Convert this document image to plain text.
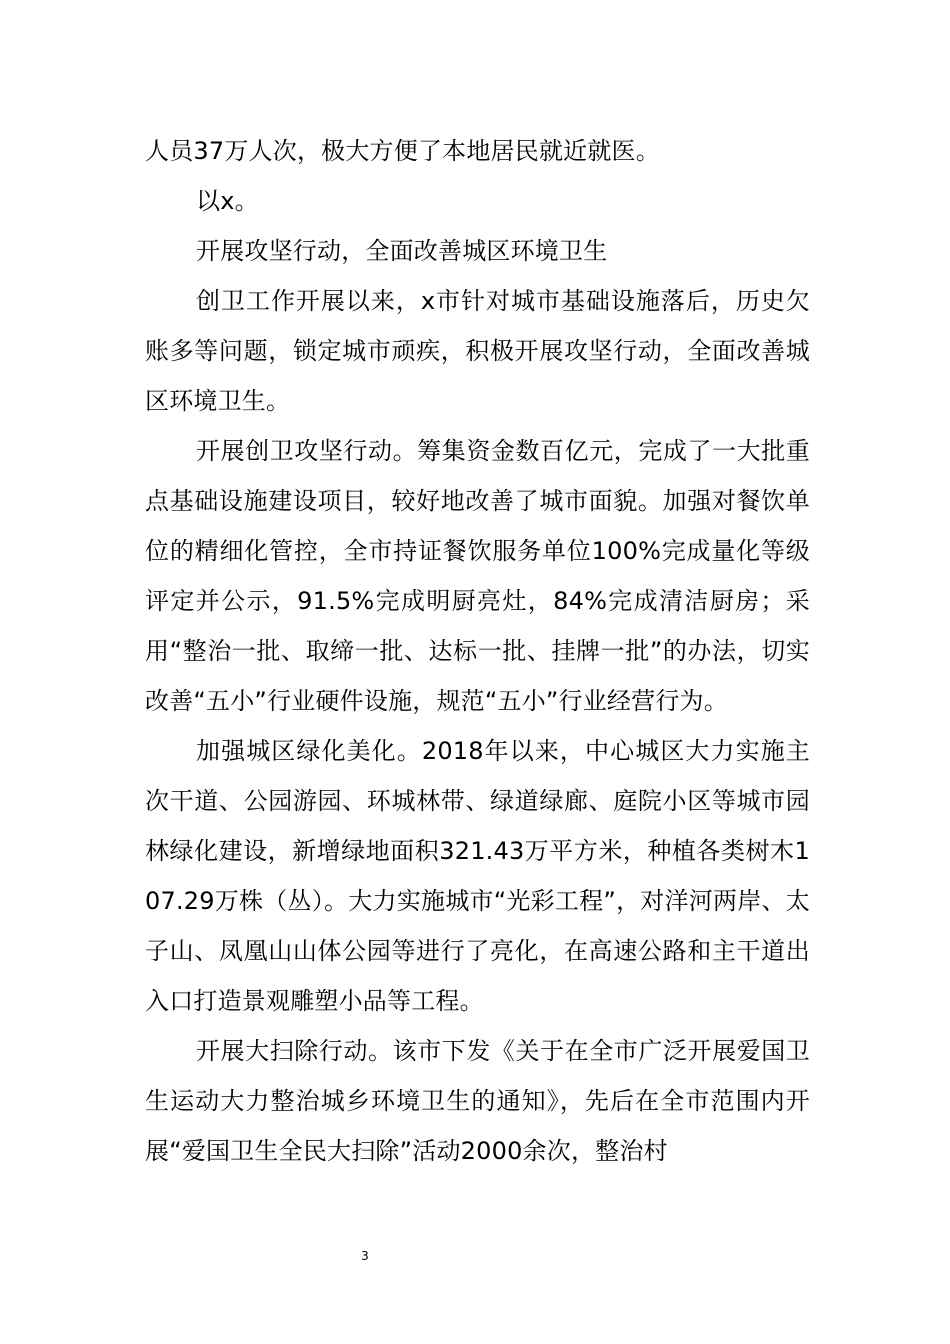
人员37万人次，极大方便了本地居民就近就医。

以x。

开展攻坚行动，全面改善城区环境卫生

创卫工作开展以来，x市针对城市基础设施落后，历史欠账多等问题，锁定城市顽疾，积极开展攻坚行动，全面改善城区环境卫生。

开展创卫攻坚行动。筹集资金数百亿元，完成了一大批重点基础设施建设项目，较好地改善了城市面貌。加强对餐饮单位的精细化管控，全市持证餐饮服务单位100%完成量化等级评定并公示，91.5%完成明厨亮灶，84%完成清洁厨房；采用“整治一批、取缔一批、达标一批、挂牌一批”的办法，切实改善“五小”行业硬件设施，规范“五小”行业经营行为。

加强城区绿化美化。2018年以来，中心城区大力实施主次干道、公园游园、环城林带、绿道绿廊、庭院小区等城市园林绿化建设，新增绿地面积321.43万平方米，种植各类树木107.29万株（丛）。大力实施城市“光彩工程”，对洋河两岸、太子山、凤凰山山体公园等进行了亮化，在高速公路和主干道出入口打造景观雕塑小品等工程。

开展大扫除行动。该市下发《关于在全市广泛开展爱国卫生运动大力整治城乡环境卫生的通知》，先后在全市范围内开展“爱国卫生全民大扫除”活动2000余次，整治村

3
